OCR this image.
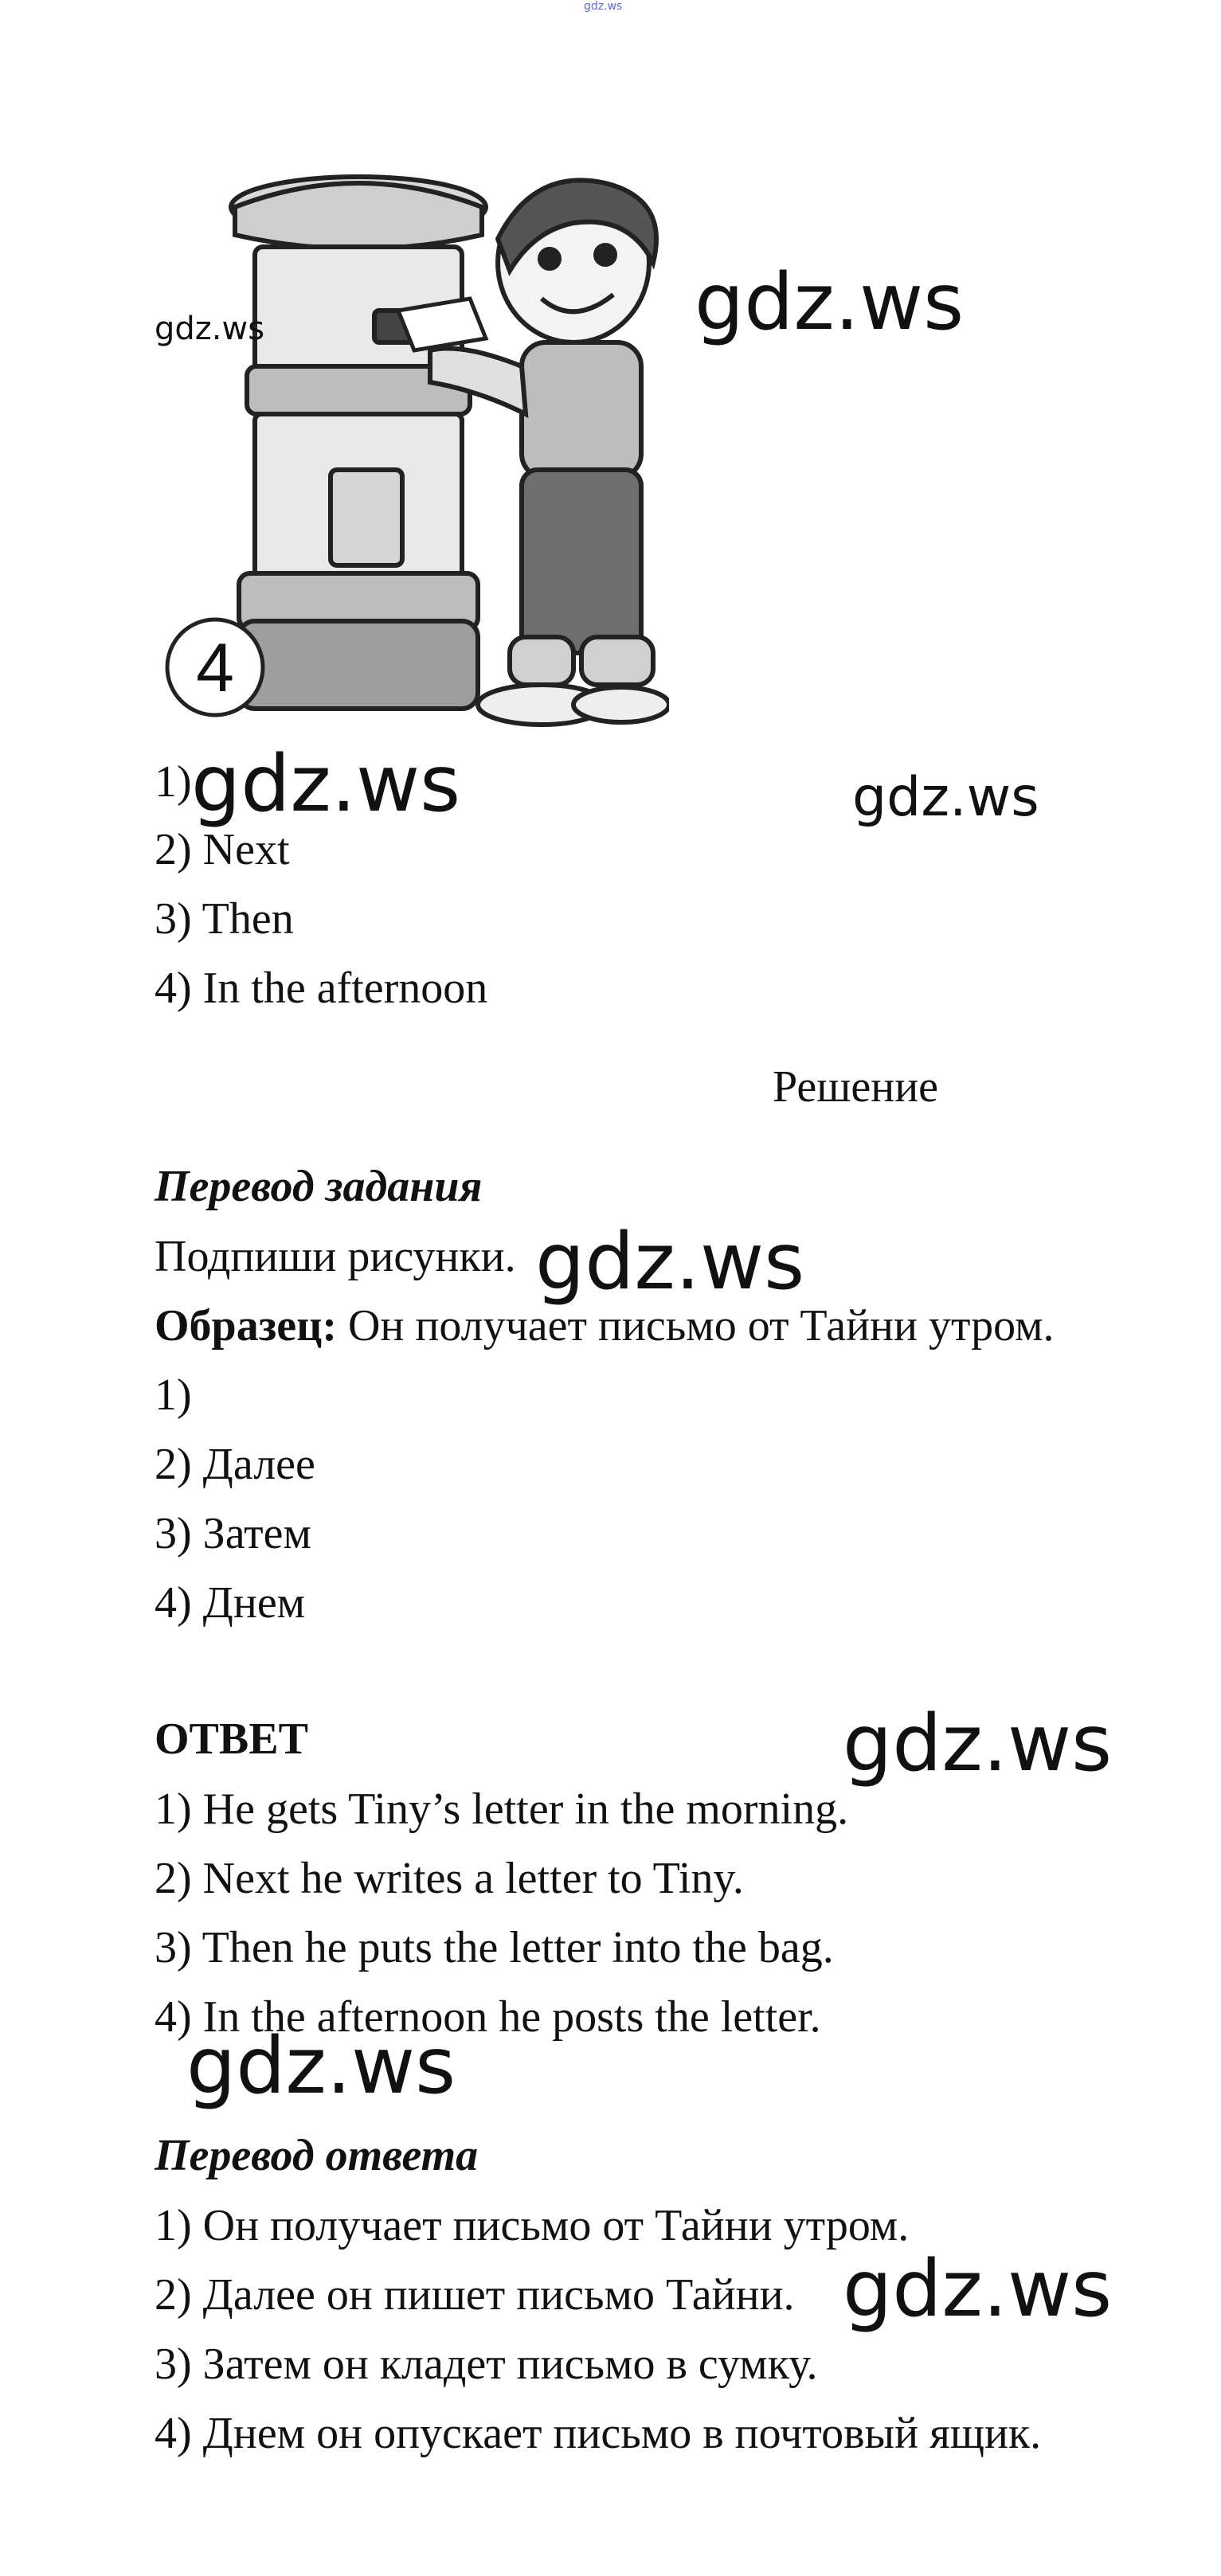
gdz.ws
4
gdz.ws	gdz.ws
1) gdz.ws	gdz.ws
2) Next
3) Then
4) In the afternoon
Решение
Перевод задания
Подпиши рисунки. gdz.ws
Образец: Он получает письмо от Тайни утром.
1)
2) Далее
3) Затем
4) Днем
ОТВЕТ	gdz.ws
1) He gets Tiny’s letter in the morning.
2) Next he writes a letter to Tiny.
3) Then he puts the letter into the bag.
4) In the afternoon he posts the letter.
gdz.ws
Перевод ответа
1) Он получает письмо от Тайни утром.
2) Далее он пишет письмо Тайни. gdz.ws
3) Затем он кладет письмо в сумку.
4) Днем он опускает письмо в почтовый ящик.
